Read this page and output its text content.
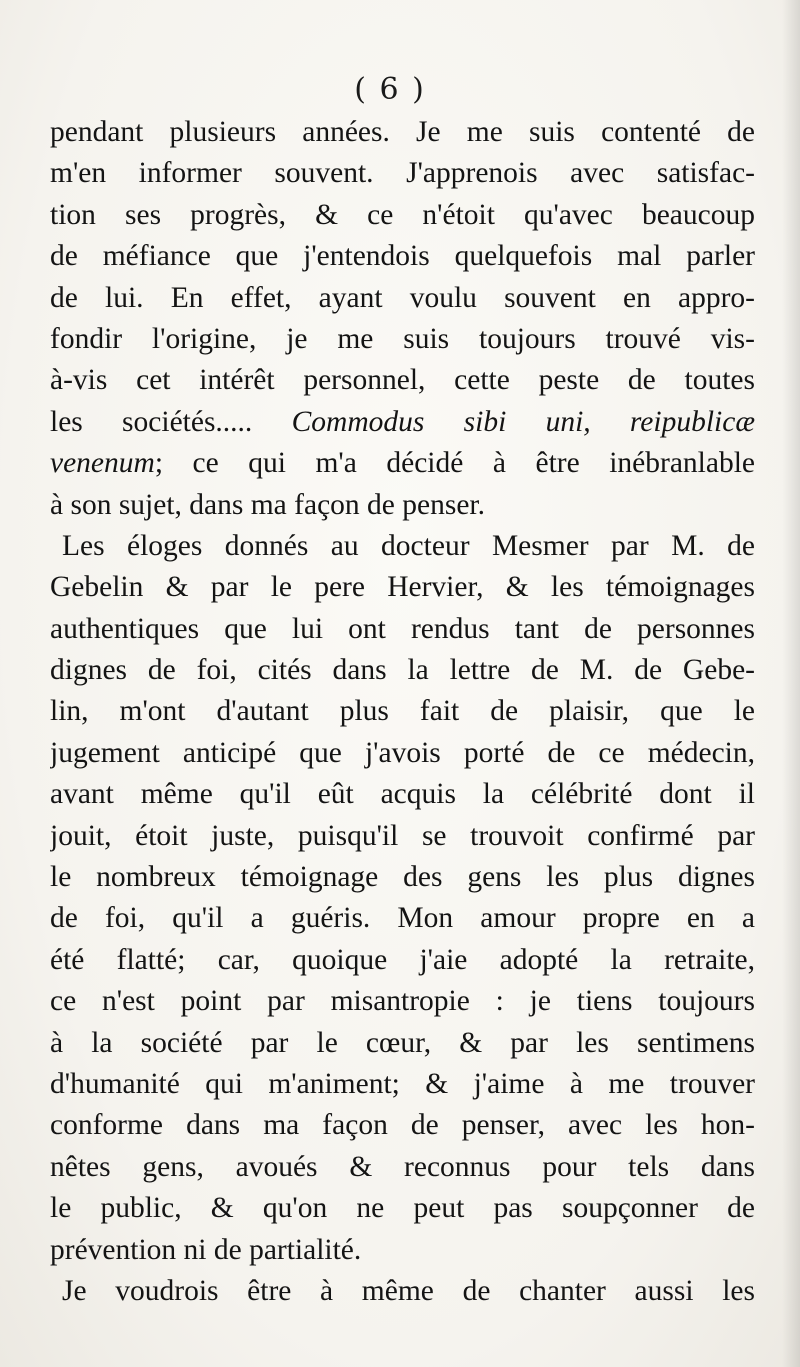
( 6 )
pendant plusieurs années. Je me suis contenté de
m'en informer souvent. J'apprenois avec satisfac-
tion ses progrès, & ce n'étoit qu'avec beaucoup
de méfiance que j'entendois quelquefois mal parler
de lui. En effet, ayant voulu souvent en appro-
fondir l'origine, je me suis toujours trouvé vis-
à-vis cet intérêt personnel, cette peste de toutes
les sociétés..... Commodus sibi uni, reipublicæ
venenum; ce qui m'a décidé à être inébranlable
à son sujet, dans ma façon de penser.
Les éloges donnés au docteur Mesmer par M. de
Gebelin & par le pere Hervier, & les témoignages
authentiques que lui ont rendus tant de personnes
dignes de foi, cités dans la lettre de M. de Gebe-
lin, m'ont d'autant plus fait de plaisir, que le
jugement anticipé que j'avois porté de ce médecin,
avant même qu'il eût acquis la célébrité dont il
jouit, étoit juste, puisqu'il se trouvoit confirmé par
le nombreux témoignage des gens les plus dignes
de foi, qu'il a guéris. Mon amour propre en a
été flatté; car, quoique j'aie adopté la retraite,
ce n'est point par misantropie : je tiens toujours
à la société par le cœur, & par les sentimens
d'humanité qui m'animent; & j'aime à me trouver
conforme dans ma façon de penser, avec les hon-
nêtes gens, avoués & reconnus pour tels dans
le public, & qu'on ne peut pas soupçonner de
prévention ni de partialité.
Je voudrois être à même de chanter aussi les
